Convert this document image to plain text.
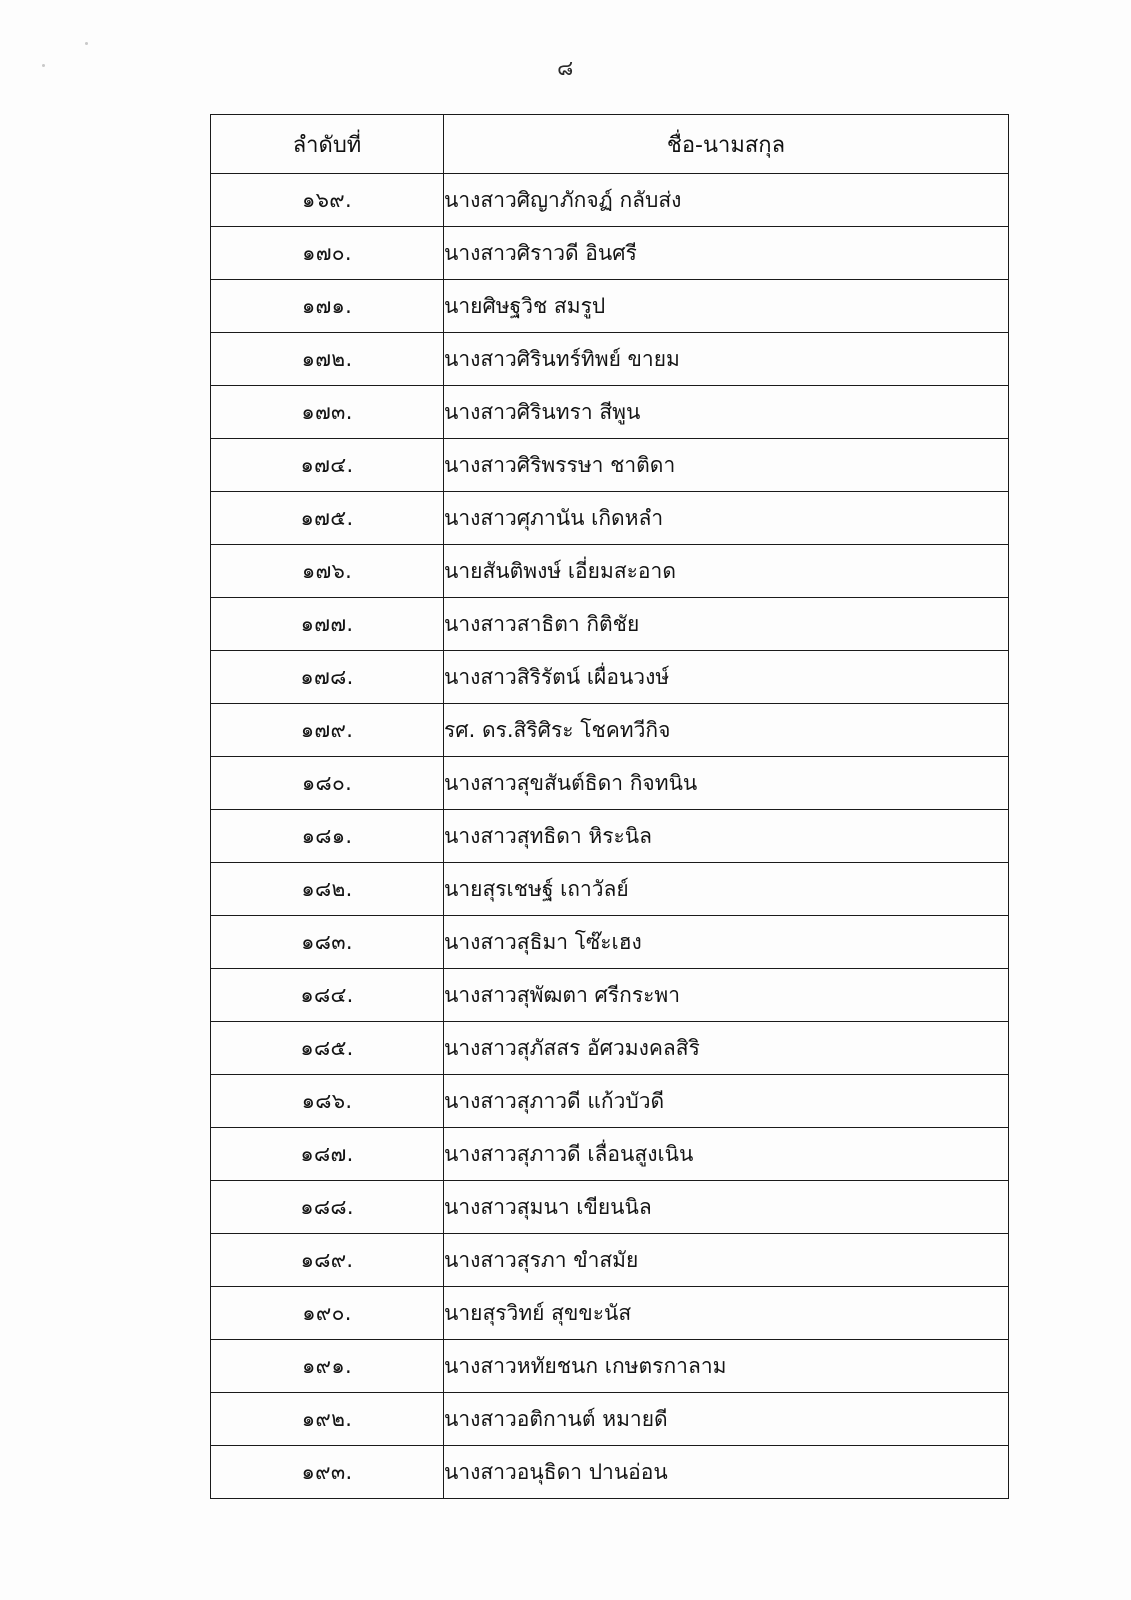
๘
ลำดับที่	ชื่อ-นามสกุล
๑๖๙.	นางสาวศิญาภักจฏ์ กลับส่ง
๑๗๐.	นางสาวศิราวดี อินศรี
๑๗๑.	นายศิษฐวิช สมรูป
๑๗๒.	นางสาวศิรินทร์ทิพย์ ขายม
๑๗๓.	นางสาวศิรินทรา สีพูน
๑๗๔.	นางสาวศิริพรรษา ชาติดา
๑๗๕.	นางสาวศุภานัน เกิดหลำ
๑๗๖.	นายสันติพงษ์ เอี่ยมสะอาด
๑๗๗.	นางสาวสาธิตา กิติชัย
๑๗๘.	นางสาวสิริรัตน์ เผื่อนวงษ์
๑๗๙.	รศ. ดร.สิริศิระ โชคทวีกิจ
๑๘๐.	นางสาวสุขสันต์ธิดา กิจทนิน
๑๘๑.	นางสาวสุทธิดา หิระนิล
๑๘๒.	นายสุรเชษฐ์ เถาวัลย์
๑๘๓.	นางสาวสุธิมา โซ๊ะเฮง
๑๘๔.	นางสาวสุพัฒตา ศรีกระพา
๑๘๕.	นางสาวสุภัสสร อัศวมงคลสิริ
๑๘๖.	นางสาวสุภาวดี แก้วบัวดี
๑๘๗.	นางสาวสุภาวดี เลื่อนสูงเนิน
๑๘๘.	นางสาวสุมนา เขียนนิล
๑๘๙.	นางสาวสุรภา ขำสมัย
๑๙๐.	นายสุรวิทย์ สุขขะนัส
๑๙๑.	นางสาวหทัยชนก เกษตรกาลาม
๑๙๒.	นางสาวอติกานต์ หมายดี
๑๙๓.	นางสาวอนุธิดา ปานอ่อน
